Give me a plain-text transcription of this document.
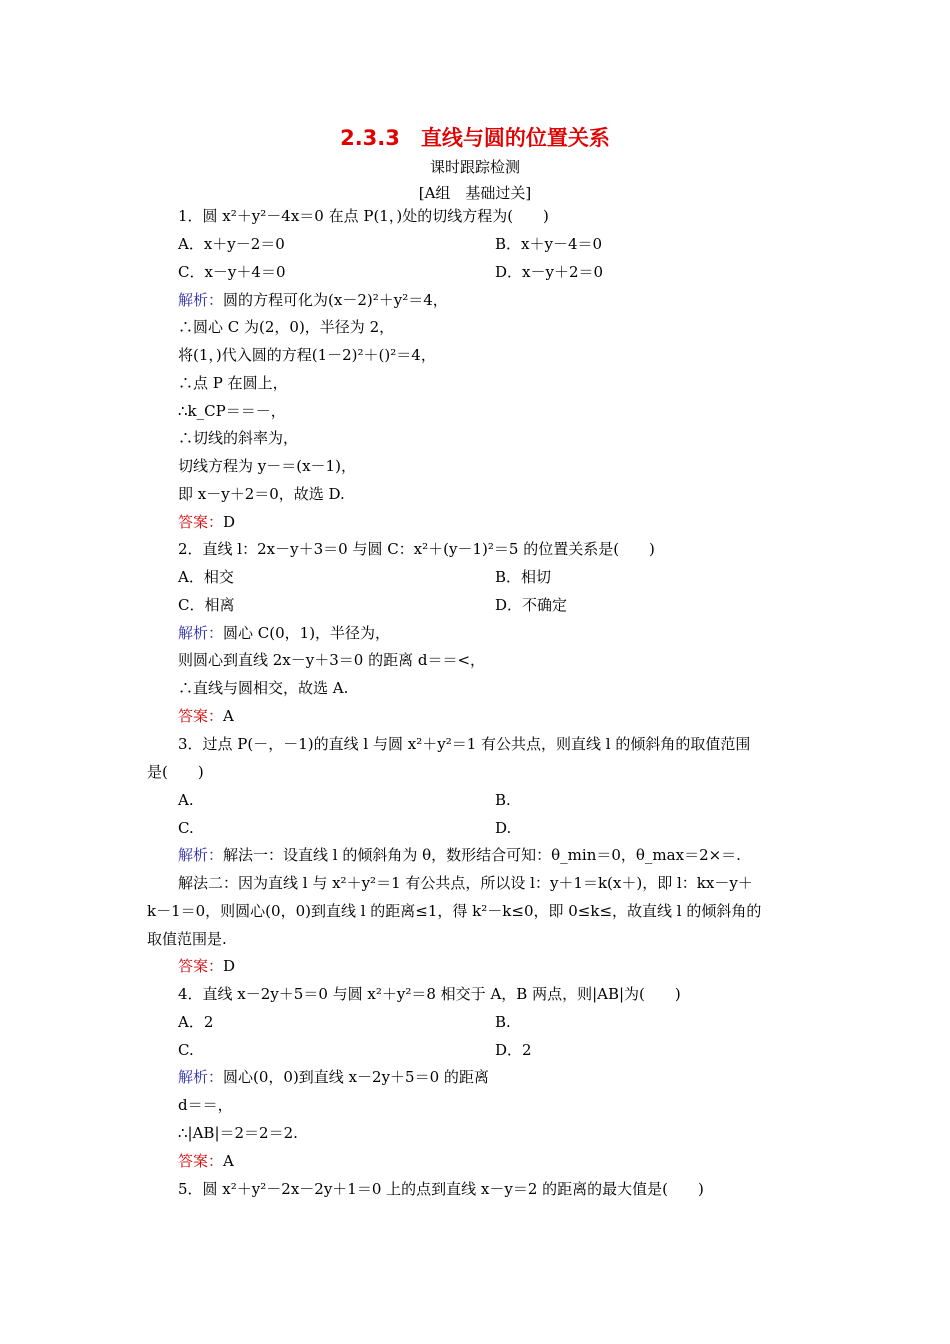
2.3.3　直线与圆的位置关系
课时跟踪检测
[A组　基础过关]
1．圆 x²＋y²－4x＝0 在点 P(1，)处的切线方程为(　　)
A．x＋y－2＝0	B．x＋y－4＝0
C．x－y＋4＝0	D．x－y＋2＝0
解析：圆的方程可化为(x－2)²＋y²＝4，
∴圆心 C 为(2，0)，半径为 2，
将(1，)代入圆的方程(1－2)²＋()²＝4，
∴点 P 在圆上，
∴k_CP＝＝－，
∴切线的斜率为，
切线方程为 y－＝(x－1)，
即 x－y＋2＝0，故选 D.
答案：D
2．直线 l：2x－y＋3＝0 与圆 C：x²＋(y－1)²＝5 的位置关系是(　　)
A．相交	B．相切
C．相离	D．不确定
解析：圆心 C(0，1)，半径为，
则圆心到直线 2x－y＋3＝0 的距离 d＝＝<，
∴直线与圆相交，故选 A.
答案：A
3．过点 P(－，－1)的直线 l 与圆 x²＋y²＝1 有公共点，则直线 l 的倾斜角的取值范围
是(　　)
A.	B.
C.	D.
解析：解法一：设直线 l 的倾斜角为 θ，数形结合可知：θ_min＝0，θ_max＝2×＝.
解法二：因为直线 l 与 x²＋y²＝1 有公共点，所以设 l：y＋1＝k(x＋)，即 l：kx－y＋
k－1＝0，则圆心(0，0)到直线 l 的距离≤1，得 k²－k≤0，即 0≤k≤，故直线 l 的倾斜角的
取值范围是.
答案：D
4．直线 x－2y＋5＝0 与圆 x²＋y²＝8 相交于 A，B 两点，则|AB|为(　　)
A．2	B.
C.	D．2
解析：圆心(0，0)到直线 x－2y＋5＝0 的距离
d＝＝，
∴|AB|＝2＝2＝2.
答案：A
5．圆 x²＋y²－2x－2y＋1＝0 上的点到直线 x－y＝2 的距离的最大值是(　　)
